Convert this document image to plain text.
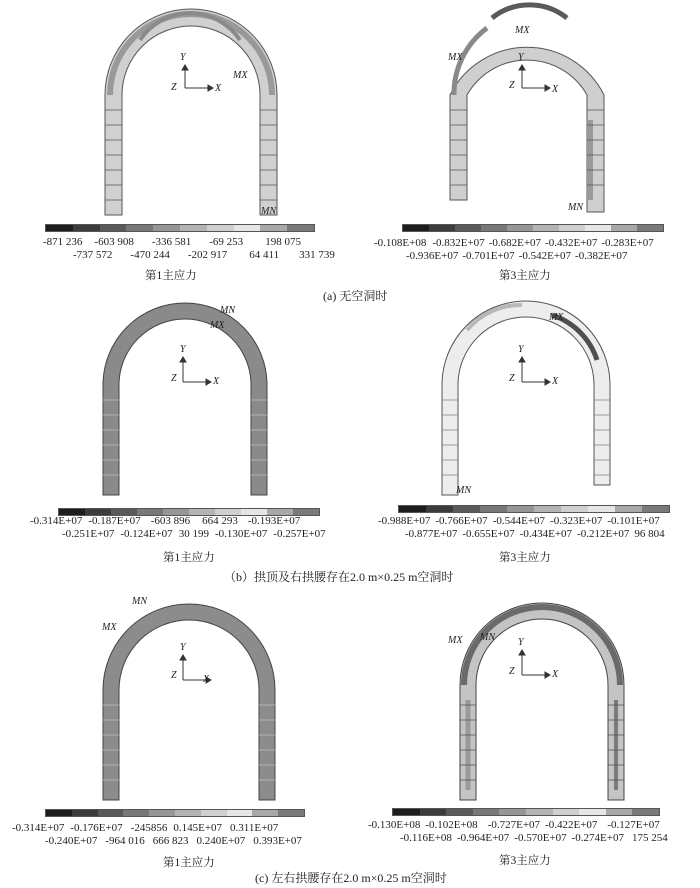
Y
Z	X
MX
MN
-871 236 -603 908 -336 581 -69 253 198 075
-737 572 -470 244 -202 917 64 411 331 739
第1主应力
Y
Z	X
MX
MX
MN
-0.108E+08 -0.832E+07 -0.682E+07 -0.432E+07 -0.283E+07
-0.936E+07 -0.701E+07 -0.542E+07 -0.382E+07
第3主应力
(a) 无空洞时
Y
Z	X
MN
MX
-0.314E+07 -0.187E+07 -603 896 664 293 -0.193E+07
-0.251E+07 -0.124E+07 30 199 -0.130E+07 -0.257E+07
第1主应力
Y
Z	X
MX
MN
-0.988E+07 -0.766E+07 -0.544E+07 -0.323E+07 -0.101E+07
-0.877E+07 -0.655E+07 -0.434E+07 -0.212E+07 96 804
第3主应力
（b）拱顶及右拱腰存在2.0 m×0.25 m空洞时
Y
Z	X
MN
MX
-0.314E+07 -0.176E+07 -245856 0.145E+07 0.311E+07
-0.240E+07 -964 016 666 823 0.240E+07 0.393E+07
第1主应力
Y
Z	X
MX MN
-0.130E+08 -0.102E+08 -0.727E+07 -0.422E+07 -0.127E+07
-0.116E+08 -0.964E+07 -0.570E+07 -0.274E+07 175 254
第3主应力
(c) 左右拱腰存在2.0 m×0.25 m空洞时
